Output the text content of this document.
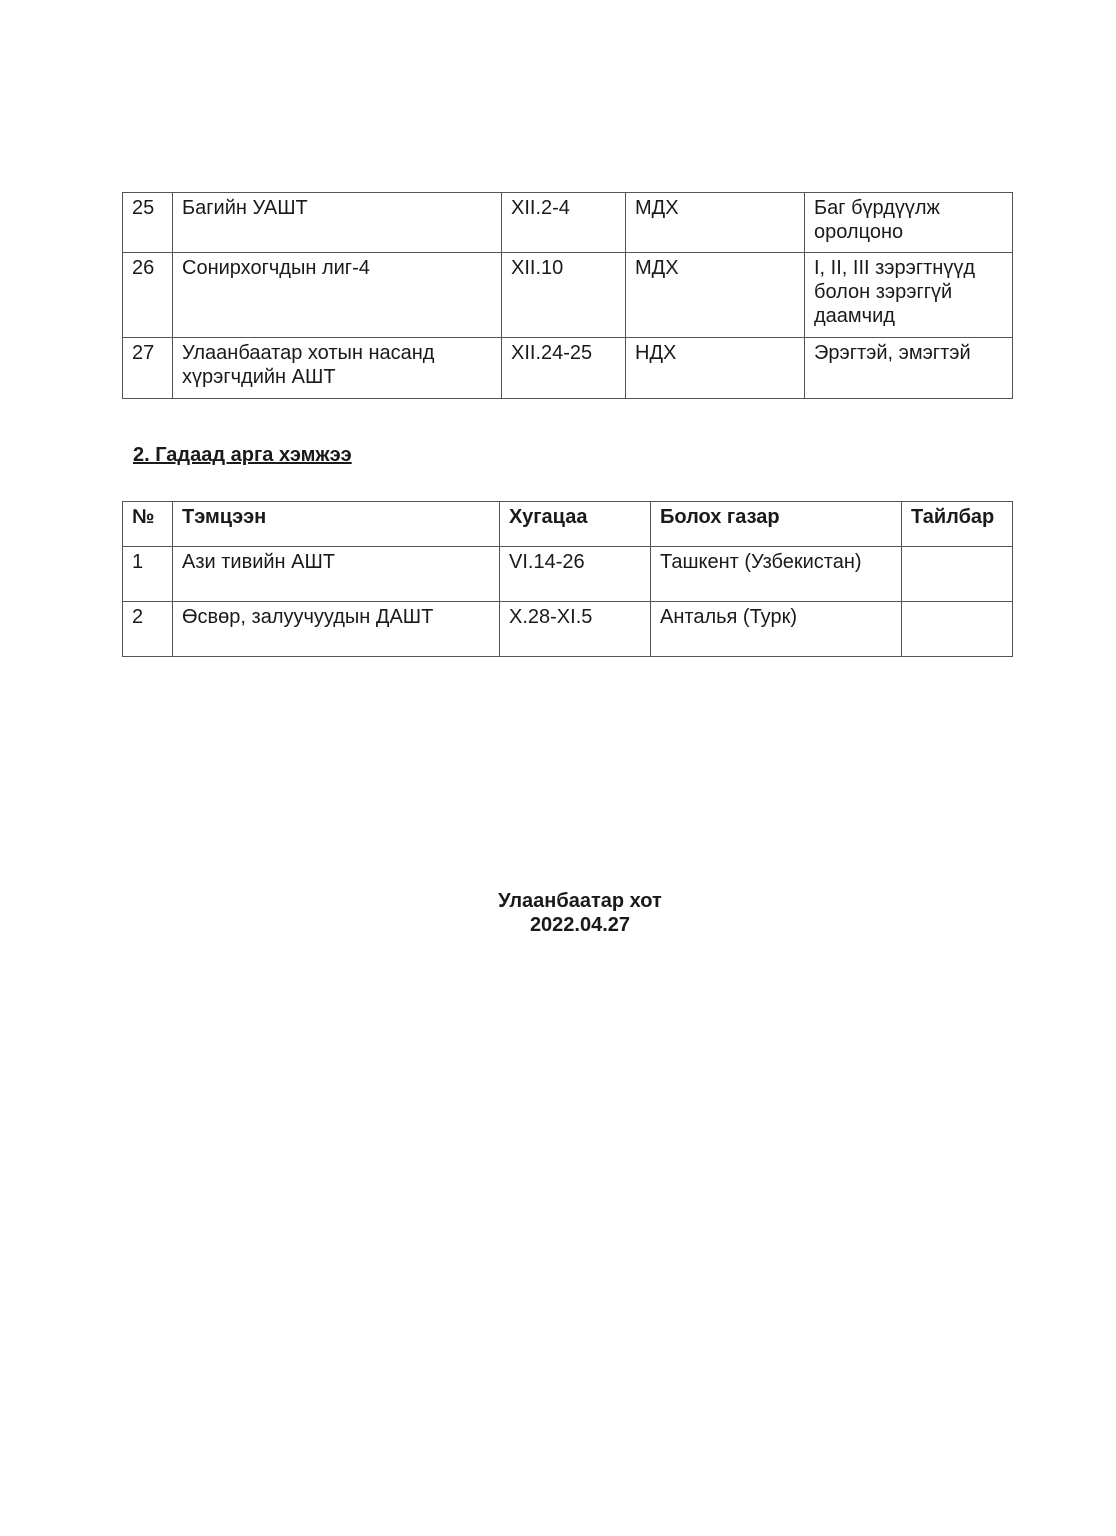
25	Багийн УАШТ	XII.2-4	МДХ	Баг бүрдүүлж оролцоно
26	Сонирхогчдын лиг-4	XII.10	МДХ	I, II, III зэрэгтнүүд болон зэрэггүй даамчид
27	Улаанбаатар хотын насанд хүрэгчдийн АШТ	XII.24-25	НДХ	Эрэгтэй, эмэгтэй
2. Гадаад арга хэмжээ
№	Тэмцээн	Хугацаа	Болох газар	Тайлбар
1	Ази тивийн АШТ	VI.14-26	Ташкент (Узбекистан)	
2	Өсвөр, залуучуудын ДАШТ	X.28-XI.5	Анталья (Турк)	
Улаанбаатар хот
2022.04.27
